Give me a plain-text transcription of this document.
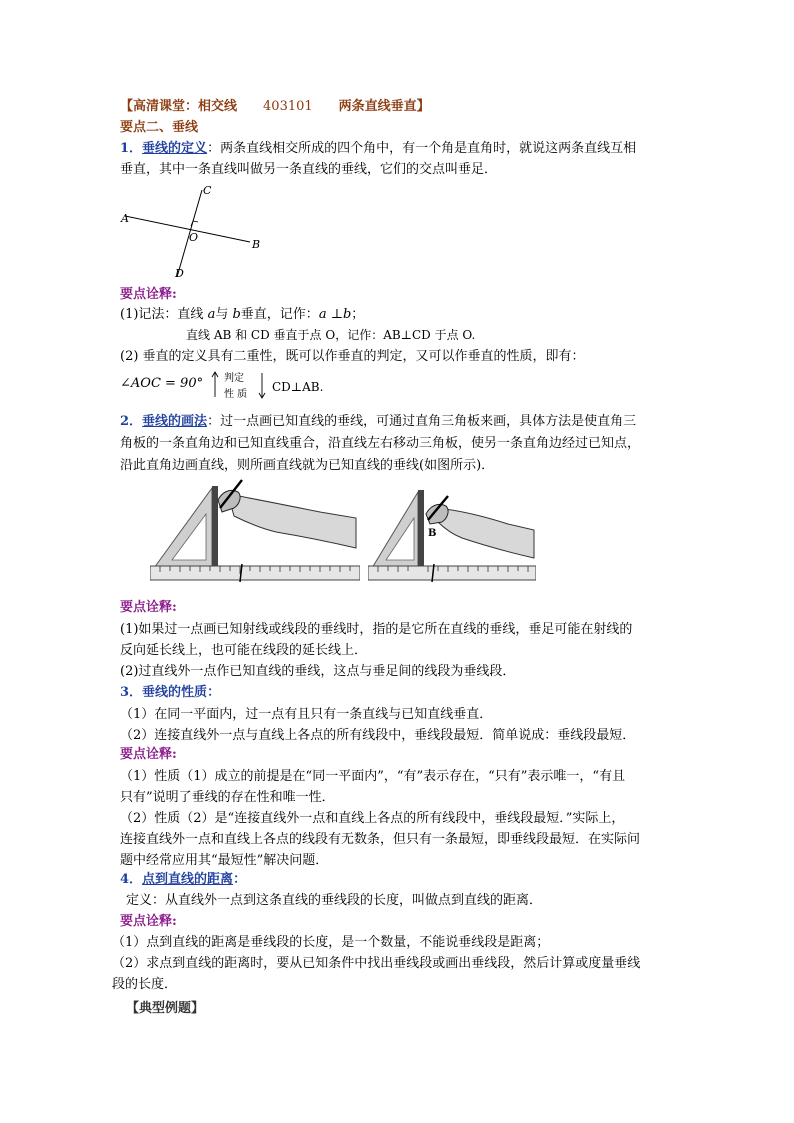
【高清课堂：相交线 403101 两条直线垂直】
要点二、垂线
1．垂线的定义：两条直线相交所成的四个角中，有一个角是直角时，就说这两条直线互相
垂直，其中一条直线叫做另一条直线的垂线，它们的交点叫垂足．
A
B
C
D
O
要点诠释:
(1)记法：直线 a与 b垂直，记作：a ⊥b；
直线 AB 和 CD 垂直于点 O，记作：AB⊥CD 于点 O.
(2) 垂直的定义具有二重性，既可以作垂直的判定，又可以作垂直的性质，即有：
∠AOC = 90° 判定
性 质
CD⊥AB.
2．垂线的画法：过一点画已知直线的垂线，可通过直角三角板来画，具体方法是使直角三
角板的一条直角边和已知直线重合，沿直线左右移动三角板，使另一条直角边经过已知点，
沿此直角边画直线，则所画直线就为已知直线的垂线(如图所示)．
B
要点诠释:
(1)如果过一点画已知射线或线段的垂线时，指的是它所在直线的垂线，垂足可能在射线的
反向延长线上，也可能在线段的延长线上．
(2)过直线外一点作已知直线的垂线，这点与垂足间的线段为垂线段．
3．垂线的性质：
（1）在同一平面内，过一点有且只有一条直线与已知直线垂直．
（2）连接直线外一点与直线上各点的所有线段中，垂线段最短．简单说成：垂线段最短．
要点诠释:
（1）性质（1）成立的前提是在“同一平面内”，“有”表示存在，“只有”表示唯一，“有且
只有”说明了垂线的存在性和唯一性．
（2）性质（2）是“连接直线外一点和直线上各点的所有线段中，垂线段最短．”实际上，
连接直线外一点和直线上各点的线段有无数条，但只有一条最短，即垂线段最短．在实际问
题中经常应用其“最短性”解决问题．
4．点到直线的距离：
定义：从直线外一点到这条直线的垂线段的长度，叫做点到直线的距离．
要点诠释:
（1）点到直线的距离是垂线段的长度，是一个数量，不能说垂线段是距离；
（2）求点到直线的距离时，要从已知条件中找出垂线段或画出垂线段，然后计算或度量垂线
段的长度．
【典型例题】
